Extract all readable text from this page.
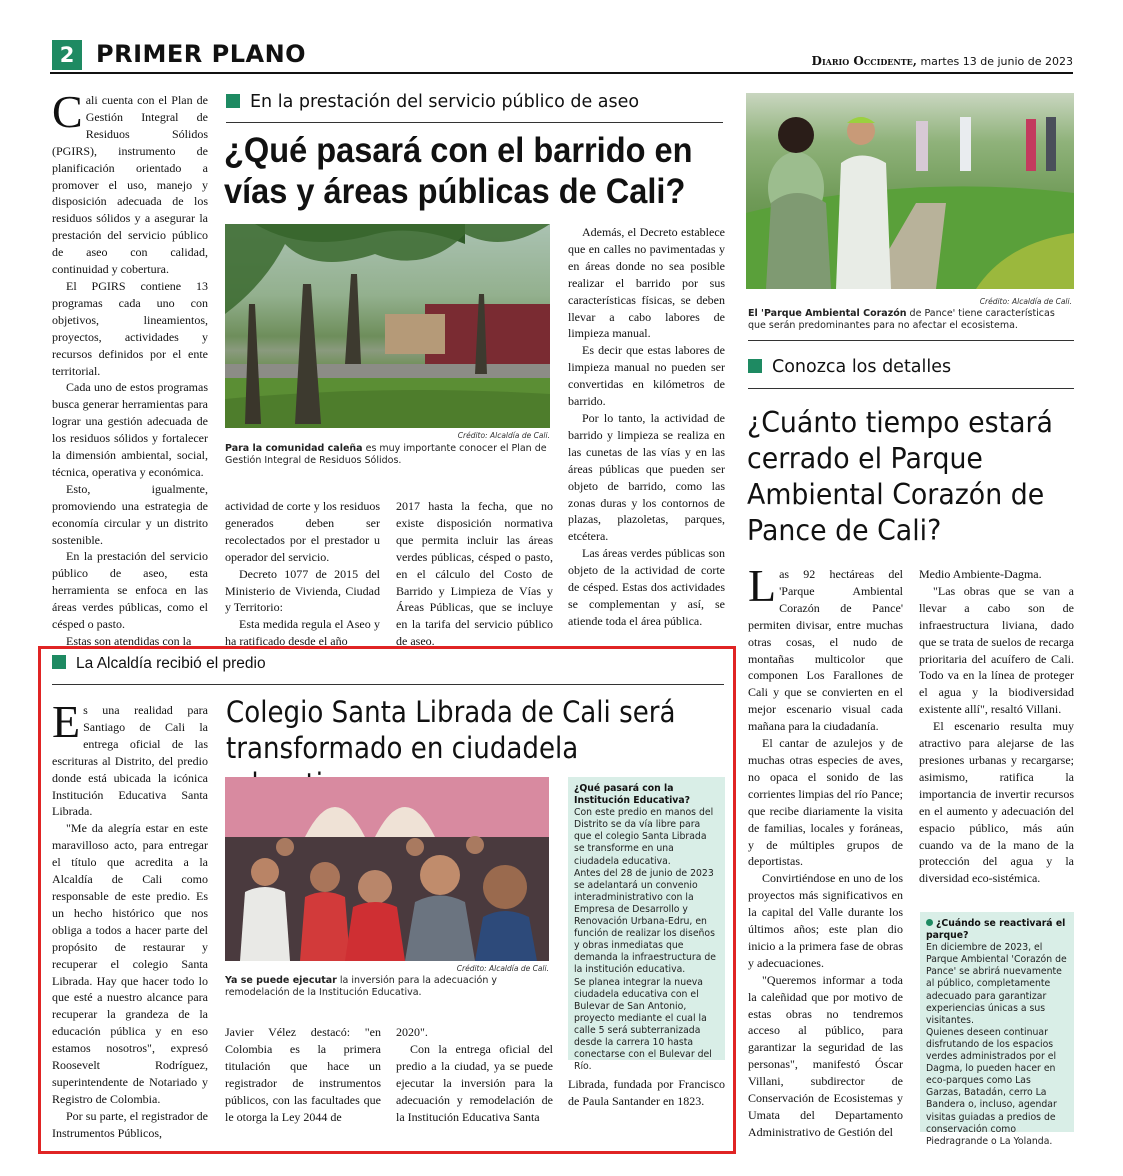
2 PRIMER PLANO	Diario Occidente, martes 13 de junio de 2023

Cali cuenta con el Plan de Gestión Integral de Residuos Sólidos (PGIRS), instrumento de planificación orientado a promover el uso, manejo y disposición adecuada de los residuos sólidos y a asegurar la prestación del servicio público de aseo con calidad, continuidad y cobertura.

El PGIRS contiene 13 programas cada uno con objetivos, lineamientos, proyectos, actividades y recursos definidos por el ente territorial.

Cada uno de estos programas busca generar herramientas para lograr una gestión adecuada de los residuos sólidos y fortalecer la dimensión ambiental, social, técnica, operativa y económica.

Esto, igualmente, promoviendo una estrategia de economía circular y un distrito sostenible.

En la prestación del servicio público de aseo, esta herramienta se enfoca en las áreas verdes públicas, como el césped o pasto.

Estas son atendidas con la

En la prestación del servicio público de aseo
¿Qué pasará con el barrido en vías y áreas públicas de Cali?
Crédito: Alcaldía de Cali.
Para la comunidad caleña es muy importante conocer el Plan de Gestión Integral de Residuos Sólidos.

actividad de corte y los residuos generados deben ser recolectados por el prestador u operador del servicio.

Decreto 1077 de 2015 del Ministerio de Vivienda, Ciudad y Territorio:

Esta medida regula el Aseo y ha ratificado desde el año

2017 hasta la fecha, que no existe disposición normativa que permita incluir las áreas verdes públicas, césped o pasto, en el cálculo del Costo de Barrido y Limpieza de Vías y Áreas Públicas, que se incluye en la tarifa del servicio público de aseo.

Además, el Decreto establece que en calles no pavimentadas y en áreas donde no sea posible realizar el barrido por sus características físicas, se deben llevar a cabo labores de limpieza manual.

Es decir que estas labores de limpieza manual no pueden ser convertidas en kilómetros de barrido.

Por lo tanto, la actividad de barrido y limpieza se realiza en las cunetas de las vías y en las áreas públicas que pueden ser objeto de barrido, como las zonas duras y los contornos de plazas, plazoletas, parques, etcétera.

Las áreas verdes públicas son objeto de la actividad de corte de césped. Estas dos actividades se complementan y así, se atiende toda el área pública.

Crédito: Alcaldía de Cali.
El 'Parque Ambiental Corazón de Pance' tiene características que serán predominantes para no afectar el ecosistema.
Conozca los detalles
¿Cuánto tiempo estará cerrado el Parque Ambiental Corazón de Pance de Cali?

Las 92 hectáreas del 'Parque Ambiental Corazón de Pance' permiten divisar, entre muchas otras cosas, el nudo de montañas multicolor que componen Los Farallones de Cali y que se convierten en el mejor escenario visual cada mañana para la ciudadanía.

El cantar de azulejos y de muchas otras especies de aves, no opaca el sonido de las corrientes limpias del río Pance; que recibe diariamente la visita de familias, locales y foráneas, y de múltiples grupos de deportistas.

Convirtiéndose en uno de los proyectos más significativos en la capital del Valle durante los últimos años; este plan dio inicio a la primera fase de obras y adecuaciones.

"Queremos informar a toda la caleñidad que por motivo de estas obras no tendremos acceso al público, para garantizar la seguridad de las personas", manifestó Óscar Villani, subdirector de Conservación de Ecosistemas y Umata del Departamento Administrativo de Gestión del

Medio Ambiente-Dagma.

"Las obras que se van a llevar a cabo son de infraestructura liviana, dado que se trata de suelos de recarga prioritaria del acuífero de Cali. Todo va en la línea de proteger el agua y la biodiversidad existente allí", resaltó Villani.

El escenario resulta muy atractivo para alejarse de las presiones urbanas y recargarse; asimismo, ratifica la importancia de invertir recursos en el aumento y adecuación del espacio público, más aún cuando va de la mano de la protección del agua y la diversidad eco-sistémica.

¿Cuándo se reactivará el parque?
En diciembre de 2023, el Parque Ambiental 'Corazón de Pance' se abrirá nuevamente al público, completamente adecuado para garantizar experiencias únicas a sus visitantes.
Quienes deseen continuar disfrutando de los espacios verdes administrados por el Dagma, lo pueden hacer en eco-parques como Las Garzas, Batadán, cerro La Bandera o, incluso, agendar visitas guiadas a predios de conservación como Piedragrande o La Yolanda.
La Alcaldía recibió el predio
Colegio Santa Librada de Cali será transformado en ciudadela

Es una realidad para Santiago de Cali la entrega oficial de las escrituras al Distrito, del predio donde está ubicada la icónica Institución Educativa Santa Librada.

"Me da alegría estar en este maravilloso acto, para entregar el título que acredita a la Alcaldía de Cali como responsable de este predio. Es un hecho histórico que nos obliga a todos a hacer parte del propósito de restaurar y recuperar el colegio Santa Librada. Hay que hacer todo lo que esté a nuestro alcance para recuperar la grandeza de la educación pública y en eso estamos nosotros", expresó Roosevelt Rodríguez, superintendente de Notariado y Registro de Colombia.

Por su parte, el registrador de Instrumentos Públicos,

Crédito: Alcaldía de Cali.
Ya se puede ejecutar la inversión para la adecuación y remodelación de la Institución Educativa.
¿Qué pasará con la Institución Educativa?
Con este predio en manos del Distrito se da vía libre para que el colegio Santa Librada se transforme en una ciudadela educativa.
Antes del 28 de junio de 2023 se adelantará un convenio interadministrativo con la Empresa de Desarrollo y Renovación Urbana-Edru, en función de realizar los diseños y obras inmediatas que demanda la infraestructura de la institución educativa.
Se planea integrar la nueva ciudadela educativa con el Bulevar de San Antonio, proyecto mediante el cual la calle 5 será subterranizada desde la carrera 10 hasta conectarse con el Bulevar del Río.

Javier Vélez destacó: "en Colombia es la primera titulación que hace un registrador de instrumentos públicos, con las facultades que le otorga la Ley 2044 de

2020".

Con la entrega oficial del predio a la ciudad, ya se puede ejecutar la inversión para la adecuación y remodelación de la Institución Educativa Santa

Librada, fundada por Francisco de Paula Santander en 1823.
